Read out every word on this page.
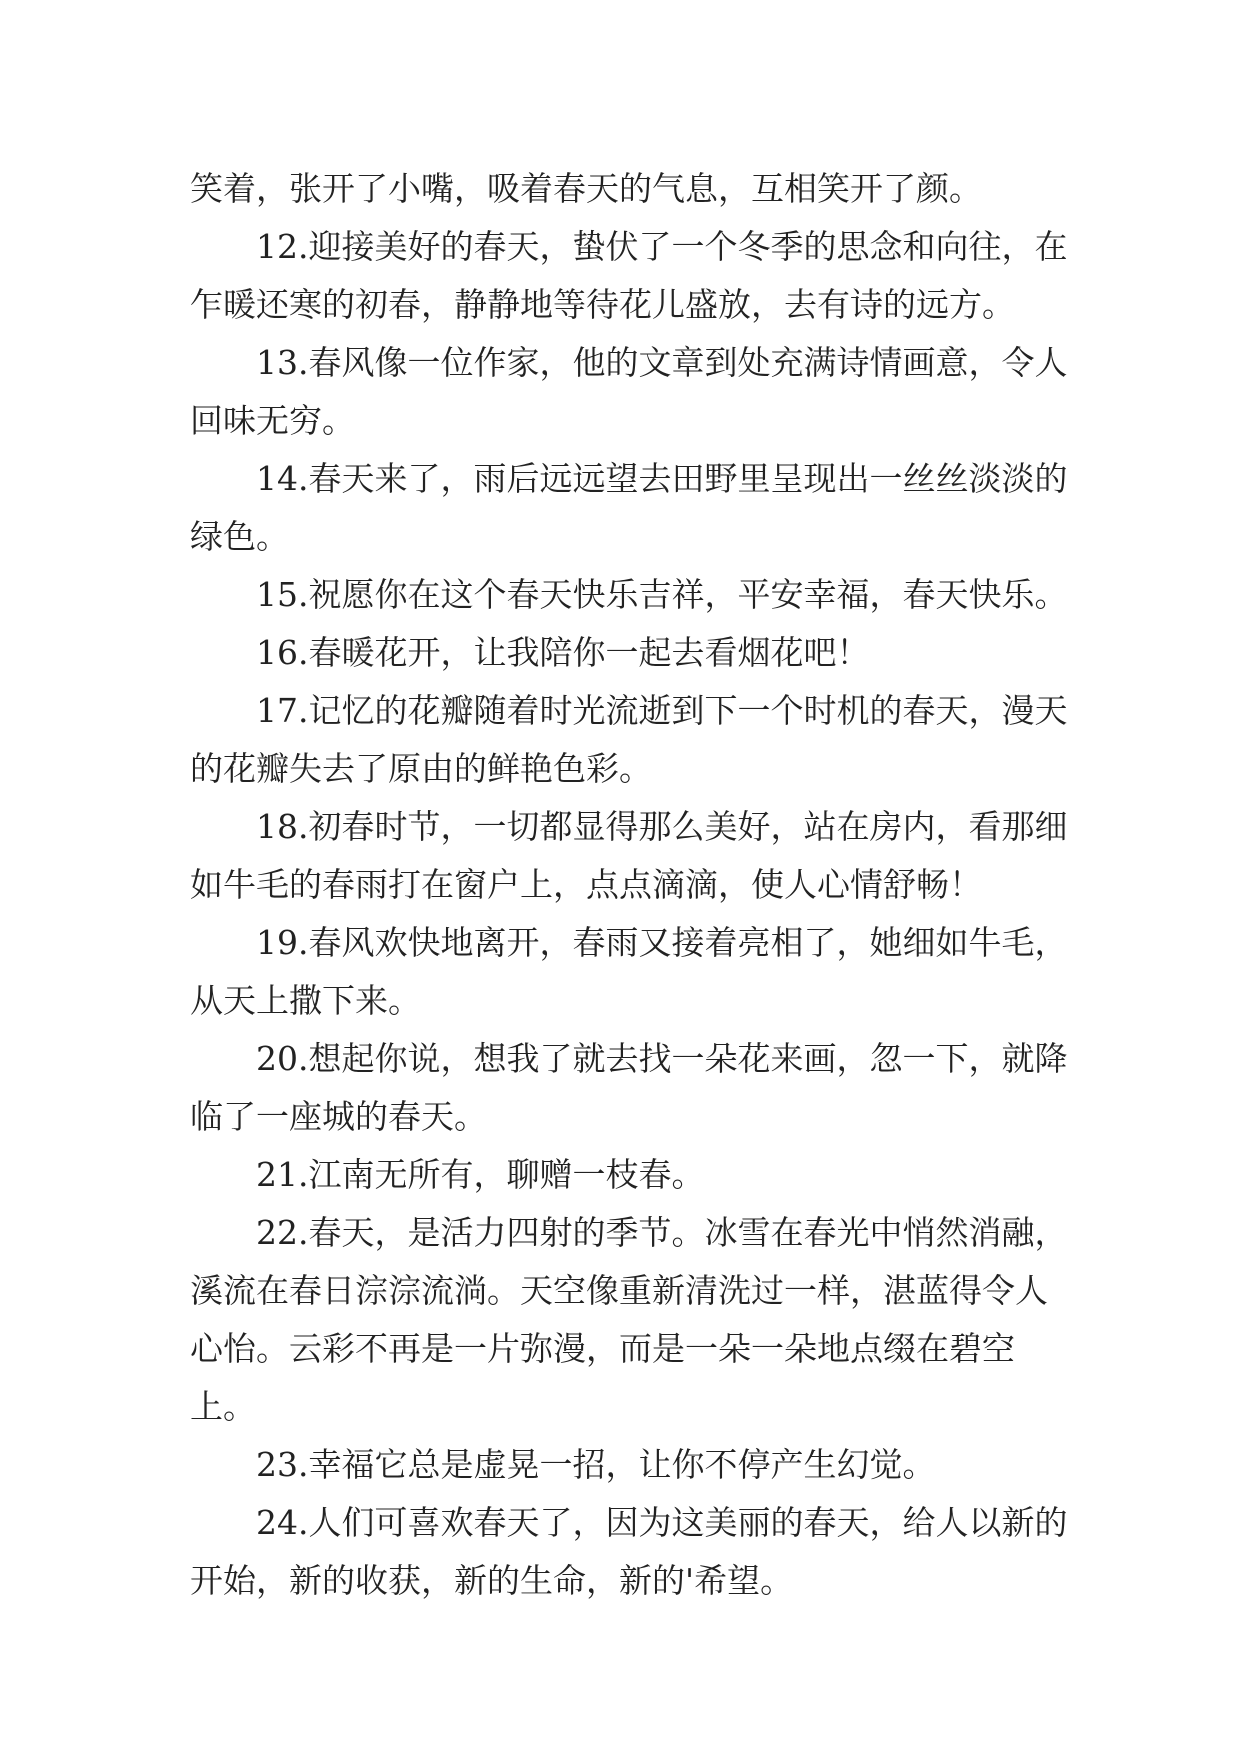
笑着，张开了小嘴，吸着春天的气息，互相笑开了颜。

12.迎接美好的春天，蛰伏了一个冬季的思念和向往，在乍暖还寒的初春，静静地等待花儿盛放，去有诗的远方。

13.春风像一位作家，他的文章到处充满诗情画意，令人回味无穷。

14.春天来了，雨后远远望去田野里呈现出一丝丝淡淡的绿色。

15.祝愿你在这个春天快乐吉祥，平安幸福，春天快乐。

16.春暖花开，让我陪你一起去看烟花吧！

17.记忆的花瓣随着时光流逝到下一个时机的春天，漫天的花瓣失去了原由的鲜艳色彩。

18.初春时节，一切都显得那么美好，站在房内，看那细如牛毛的春雨打在窗户上，点点滴滴，使人心情舒畅！

19.春风欢快地离开，春雨又接着亮相了，她细如牛毛，从天上撒下来。

20.想起你说，想我了就去找一朵花来画，忽一下，就降临了一座城的春天。

21.江南无所有，聊赠一枝春。

22.春天，是活力四射的季节。冰雪在春光中悄然消融，溪流在春日淙淙流淌。天空像重新清洗过一样，湛蓝得令人心怡。云彩不再是一片弥漫，而是一朵一朵地点缀在碧空上。

23.幸福它总是虚晃一招，让你不停产生幻觉。

24.人们可喜欢春天了，因为这美丽的春天，给人以新的开始，新的收获，新的生命，新的'希望。
